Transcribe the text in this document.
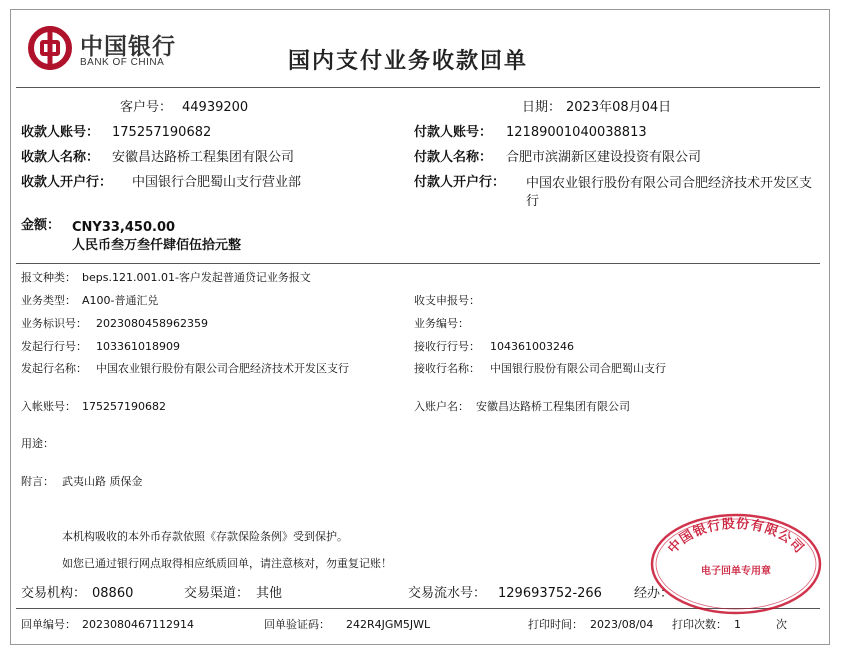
中国银行
BANK OF CHINA	国内支付业务收款回单
客户号： 44939200	日期： 2023年08月04日
收款人账号： 175257190682	付款人账号： 12189001040038813
收款人名称： 安徽昌达路桥工程集团有限公司	付款人名称： 合肥市滨湖新区建设投资有限公司
收款人开户行： 中国银行合肥蜀山支行营业部	付款人开户行： 中国农业银行股份有限公司合肥经济技术开发区支行
金额： CNY33,450.00
人民币叁万叁仟肆佰伍拾元整
报文种类： beps.121.001.01-客户发起普通贷记业务报文
业务类型： A100-普通汇兑	收支申报号：
业务标识号： 2023080458962359	业务编号：
发起行行号： 103361018909	接收行行号： 104361003246
发起行名称： 中国农业银行股份有限公司合肥经济技术开发区支行	接收行名称： 中国银行股份有限公司合肥蜀山支行
入帐账号： 175257190682	入账户名： 安徽昌达路桥工程集团有限公司
用途：
附言： 武夷山路 质保金
本机构吸收的本外币存款依照《存款保险条例》受到保护。
如您已通过银行网点取得相应纸质回单，请注意核对，勿重复记账！
交易机构： 08860	交易渠道： 其他	交易流水号： 129693752-266 经办：
回单编号： 2023080467112914	回单验证码： 242R4JGM5JWL	打印时间： 2023/08/04 打印次数： 1	次
中国银行股份有限公司
电子回单专用章
